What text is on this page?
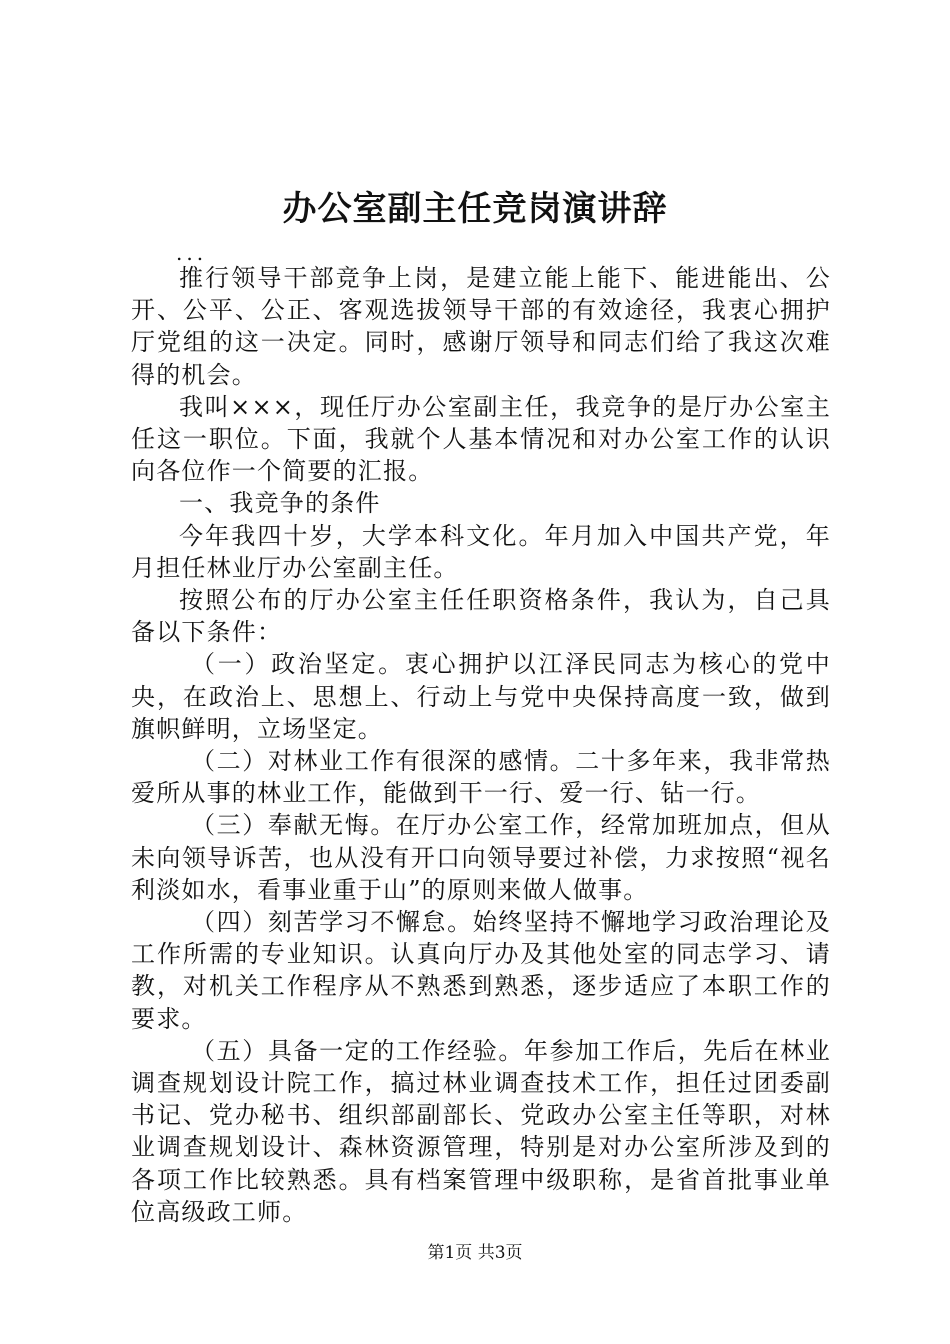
办公室副主任竞岗演讲辞
...

推行领导干部竞争上岗，是建立能上能下、能进能出、公开、公平、公正、客观选拔领导干部的有效途径，我衷心拥护厅党组的这一决定。同时，感谢厅领导和同志们给了我这次难得的机会。

我叫×××，现任厅办公室副主任，我竞争的是厅办公室主任这一职位。下面，我就个人基本情况和对办公室工作的认识向各位作一个简要的汇报。

一、我竞争的条件

今年我四十岁，大学本科文化。年月加入中国共产党，年月担任林业厅办公室副主任。

按照公布的厅办公室主任任职资格条件，我认为，自己具备以下条件：

（一）政治坚定。衷心拥护以江泽民同志为核心的党中央，在政治上、思想上、行动上与党中央保持高度一致，做到旗帜鲜明，立场坚定。

（二）对林业工作有很深的感情。二十多年来，我非常热爱所从事的林业工作，能做到干一行、爱一行、钻一行。

（三）奉献无悔。在厅办公室工作，经常加班加点，但从未向领导诉苦，也从没有开口向领导要过补偿，力求按照“视名利淡如水，看事业重于山”的原则来做人做事。

（四）刻苦学习不懈怠。始终坚持不懈地学习政治理论及工作所需的专业知识。认真向厅办及其他处室的同志学习、请教，对机关工作程序从不熟悉到熟悉，逐步适应了本职工作的要求。

（五）具备一定的工作经验。年参加工作后，先后在林业调查规划设计院工作，搞过林业调查技术工作，担任过团委副书记、党办秘书、组织部副部长、党政办公室主任等职，对林业调查规划设计、森林资源管理，特别是对办公室所涉及到的各项工作比较熟悉。具有档案管理中级职称，是省首批事业单位高级政工师。

第1页 共3页
